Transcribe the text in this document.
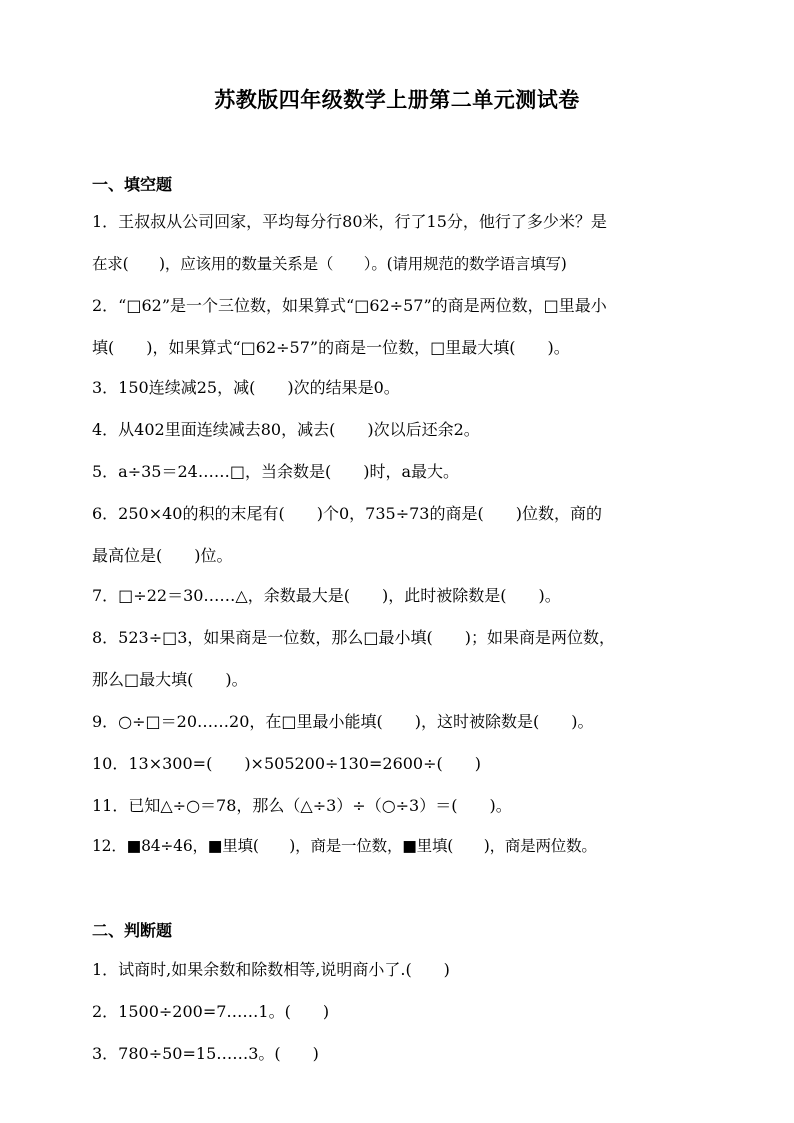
苏教版四年级数学上册第二单元测试卷
一、填空题
1．王叔叔从公司回家，平均每分行80米，行了15分，他行了多少米？是
在求(　　)，应该用的数量关系是（　　）。(请用规范的数学语言填写)
2．“□62”是一个三位数，如果算式“□62÷57”的商是两位数，□里最小
填(　　)，如果算式“□62÷57”的商是一位数，□里最大填(　　)。
3．150连续减25，减(　　)次的结果是0。
4．从402里面连续减去80，减去(　　)次以后还余2。
5．a÷35＝24……□，当余数是(　　)时，a最大。
6．250×40的积的末尾有(　　)个0，735÷73的商是(　　)位数，商的
最高位是(　　)位。
7．□÷22＝30……△，余数最大是(　　)，此时被除数是(　　)。
8．523÷□3，如果商是一位数，那么□最小填(　　)；如果商是两位数，
那么□最大填(　　)。
9．○÷□＝20……20，在□里最小能填(　　)，这时被除数是(　　)。
10．13×300=(　　)×505200÷130=2600÷(　　)
11．已知△÷○＝78，那么（△÷3）÷（○÷3）＝(　　)。
12．■84÷46，■里填(　　)，商是一位数，■里填(　　)，商是两位数。
二、判断题
1．试商时,如果余数和除数相等,说明商小了.(　　)
2．1500÷200=7……1。(　　)
3．780÷50=15……3。(　　)
